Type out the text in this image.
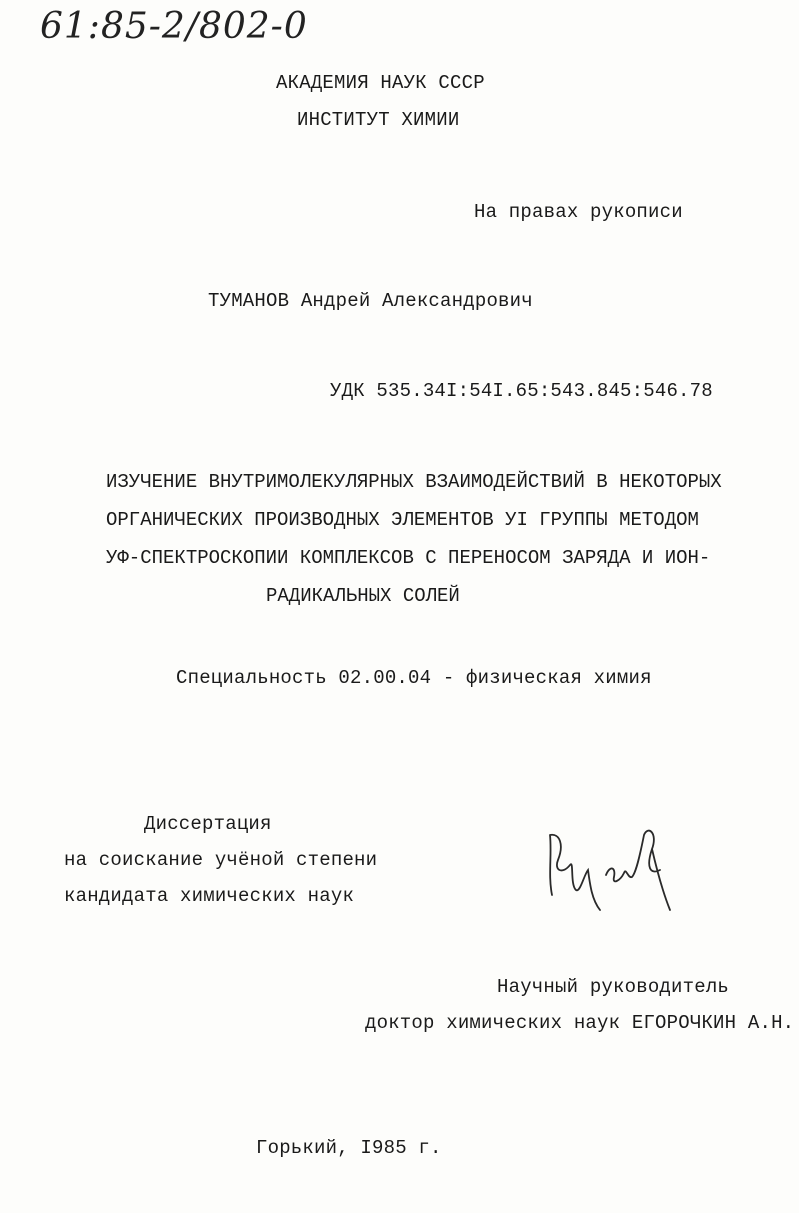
61:85-2/802-0
АКАДЕМИЯ НАУК СССР
ИНСТИТУТ ХИМИИ
На правах рукописи
ТУМАНОВ Андрей Александрович
УДК 535.34I:54I.65:543.845:546.78
ИЗУЧЕНИЕ ВНУТРИМОЛЕКУЛЯРНЫХ ВЗАИМОДЕЙСТВИЙ В НЕКОТОРЫХ
ОРГАНИЧЕСКИХ ПРОИЗВОДНЫХ ЭЛЕМЕНТОВ УI ГРУППЫ МЕТОДОМ
УФ-СПЕКТРОСКОПИИ КОМПЛЕКСОВ С ПЕРЕНОСОМ ЗАРЯДА И ИОН-
РАДИКАЛЬНЫХ СОЛЕЙ
Специальность 02.00.04 - физическая химия
Диссертация
на соискание учёной степени
кандидата химических наук
Научный руководитель
доктор химических наук ЕГОРОЧКИН А.Н.
Горький, I985 г.
